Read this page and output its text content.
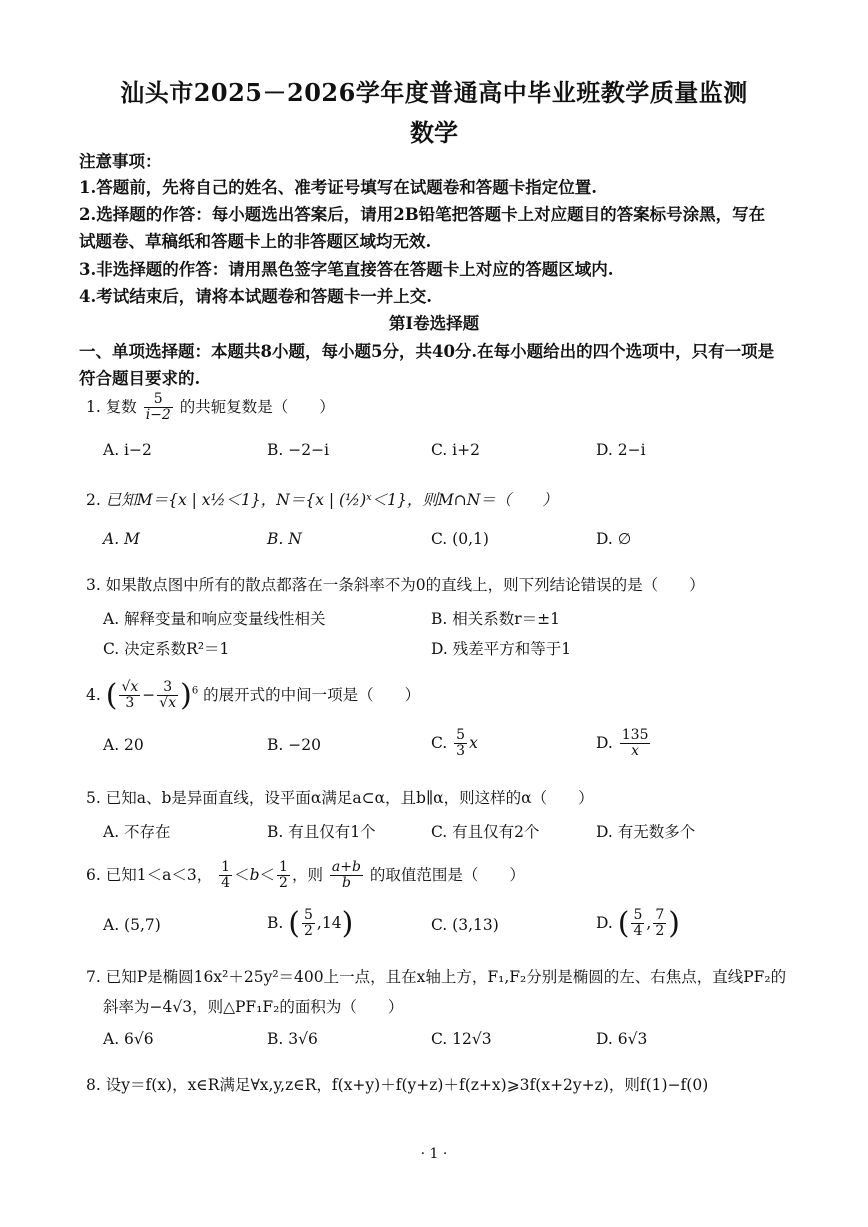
汕头市2025－2026学年度普通高中毕业班教学质量监测
数学
注意事项：
1.答题前，先将自己的姓名、准考证号填写在试题卷和答题卡指定位置.
2.选择题的作答：每小题选出答案后，请用2B铅笔把答题卡上对应题目的答案标号涂黑，写在
试题卷、草稿纸和答题卡上的非答题区域均无效.
3.非选择题的作答：请用黑色签字笔直接答在答题卡上对应的答题区域内.
4.考试结束后，请将本试题卷和答题卡一并上交.
第I卷选择题
一、单项选择题：本题共8小题，每小题5分，共40分.在每小题给出的四个选项中，只有一项是
符合题目要求的.
1. 复数 $\frac{5}{i-2}$ 的共轭复数是（　　）
A. i−2	B. −2−i	C. i+2	D. 2−i
2. 已知M＝{x | x½＜1}，N＝{x | (½)ˣ＜1}，则M∩N＝（　　）
A. M	B. N	C. (0,1)	D. ∅
3. 如果散点图中所有的散点都落在一条斜率不为0的直线上，则下列结论错误的是（　　）
A. 解释变量和响应变量线性相关	B. 相关系数r＝±1
C. 决定系数R²＝1	D. 残差平方和等于1
4. ( $\frac{√x}{3} - \frac{3}{√x} )^6$ 的展开式的中间一项是（　　）
A. 20	B. −20	C. $\frac{5}{3}$ x	D. $\frac{135}{x}$
5. 已知a、b是异面直线，设平面α满足a⊂α，且b∥α，则这样的α（　　）
A. 不存在	B. 有且仅有1个	C. 有且仅有2个	D. 有无数多个
6. 已知1＜a＜3， $\frac{1}{4} <b< \frac{1}{2}$ ，则 $\frac{a+b}{b}$ 的取值范围是（　　）
A. (5,7)	B. ( $\frac{5}{2} ,14$)	C. (3,13)	D. ( $\frac{5}{4}$ , $\frac{7}{2}$ )
7. 已知P是椭圆16x²＋25y²＝400上一点，且在x轴上方，F₁,F₂分别是椭圆的左、右焦点，直线PF₂的
斜率为−4√3，则△PF₁F₂的面积为（　　）
A. 6√6	B. 3√6	C. 12√3	D. 6√3
8. 设y＝f(x)，x∈R满足∀x,y,z∈R，f(x+y)＋f(y+z)＋f(z+x)⩾3f(x+2y+z)，则f(1)−f(0)
· 1 ·
